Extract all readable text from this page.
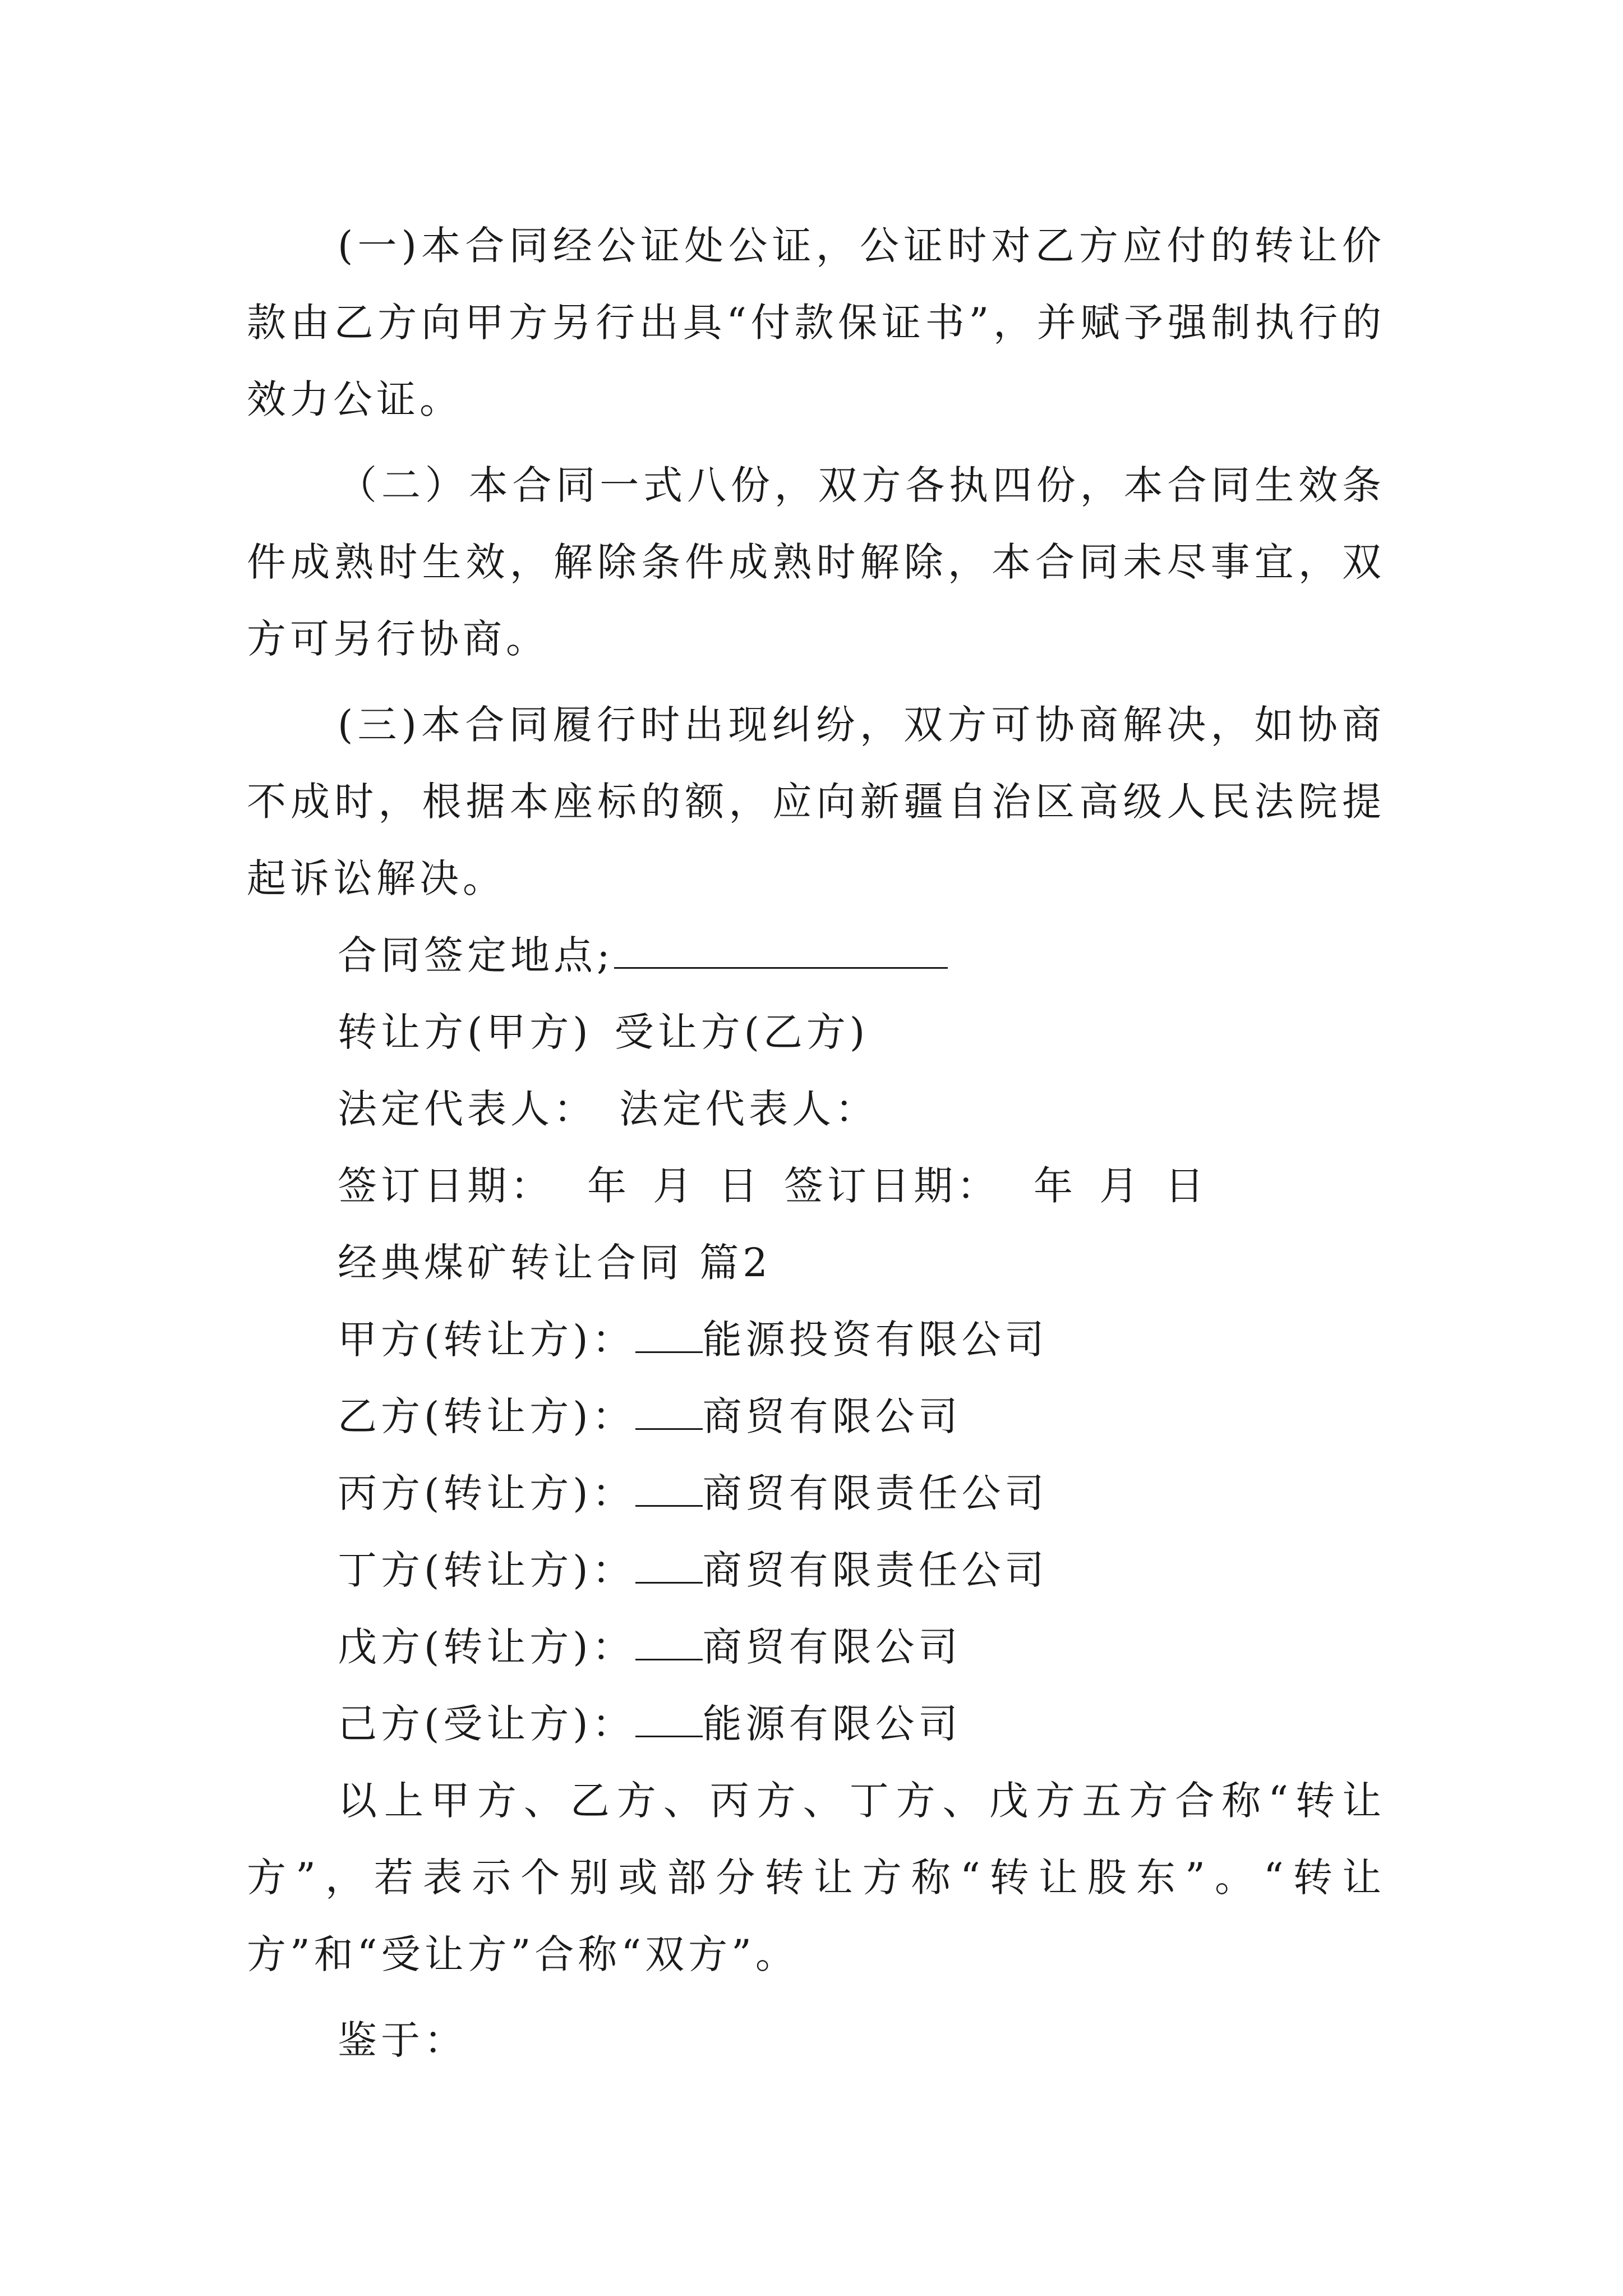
(一)本合同经公证处公证，公证时对乙方应付的转让价款由乙方向甲方另行出具“付款保证书”，并赋予强制执行的效力公证。

（二）本合同一式八份，双方各执四份，本合同生效条件成熟时生效，解除条件成熟时解除，本合同未尽事宜，双方可另行协商。

(三)本合同履行时出现纠纷，双方可协商解决，如协商不成时，根据本座标的额，应向新疆自治区高级人民法院提起诉讼解决。

合同签定地点;

转让方(甲方) 受让方(乙方)

法定代表人： 法定代表人：

签订日期： 年 月 日 签订日期： 年 月 日

经典煤矿转让合同 篇2

甲方(转让方)： 能源投资有限公司

乙方(转让方)： 商贸有限公司

丙方(转让方)： 商贸有限责任公司

丁方(转让方)： 商贸有限责任公司

戊方(转让方)： 商贸有限公司

己方(受让方)： 能源有限公司

以上甲方、乙方、丙方、丁方、戊方五方合称“转让方”，若表示个别或部分转让方称“转让股东”。“转让方”和“受让方”合称“双方”。

鉴于：
